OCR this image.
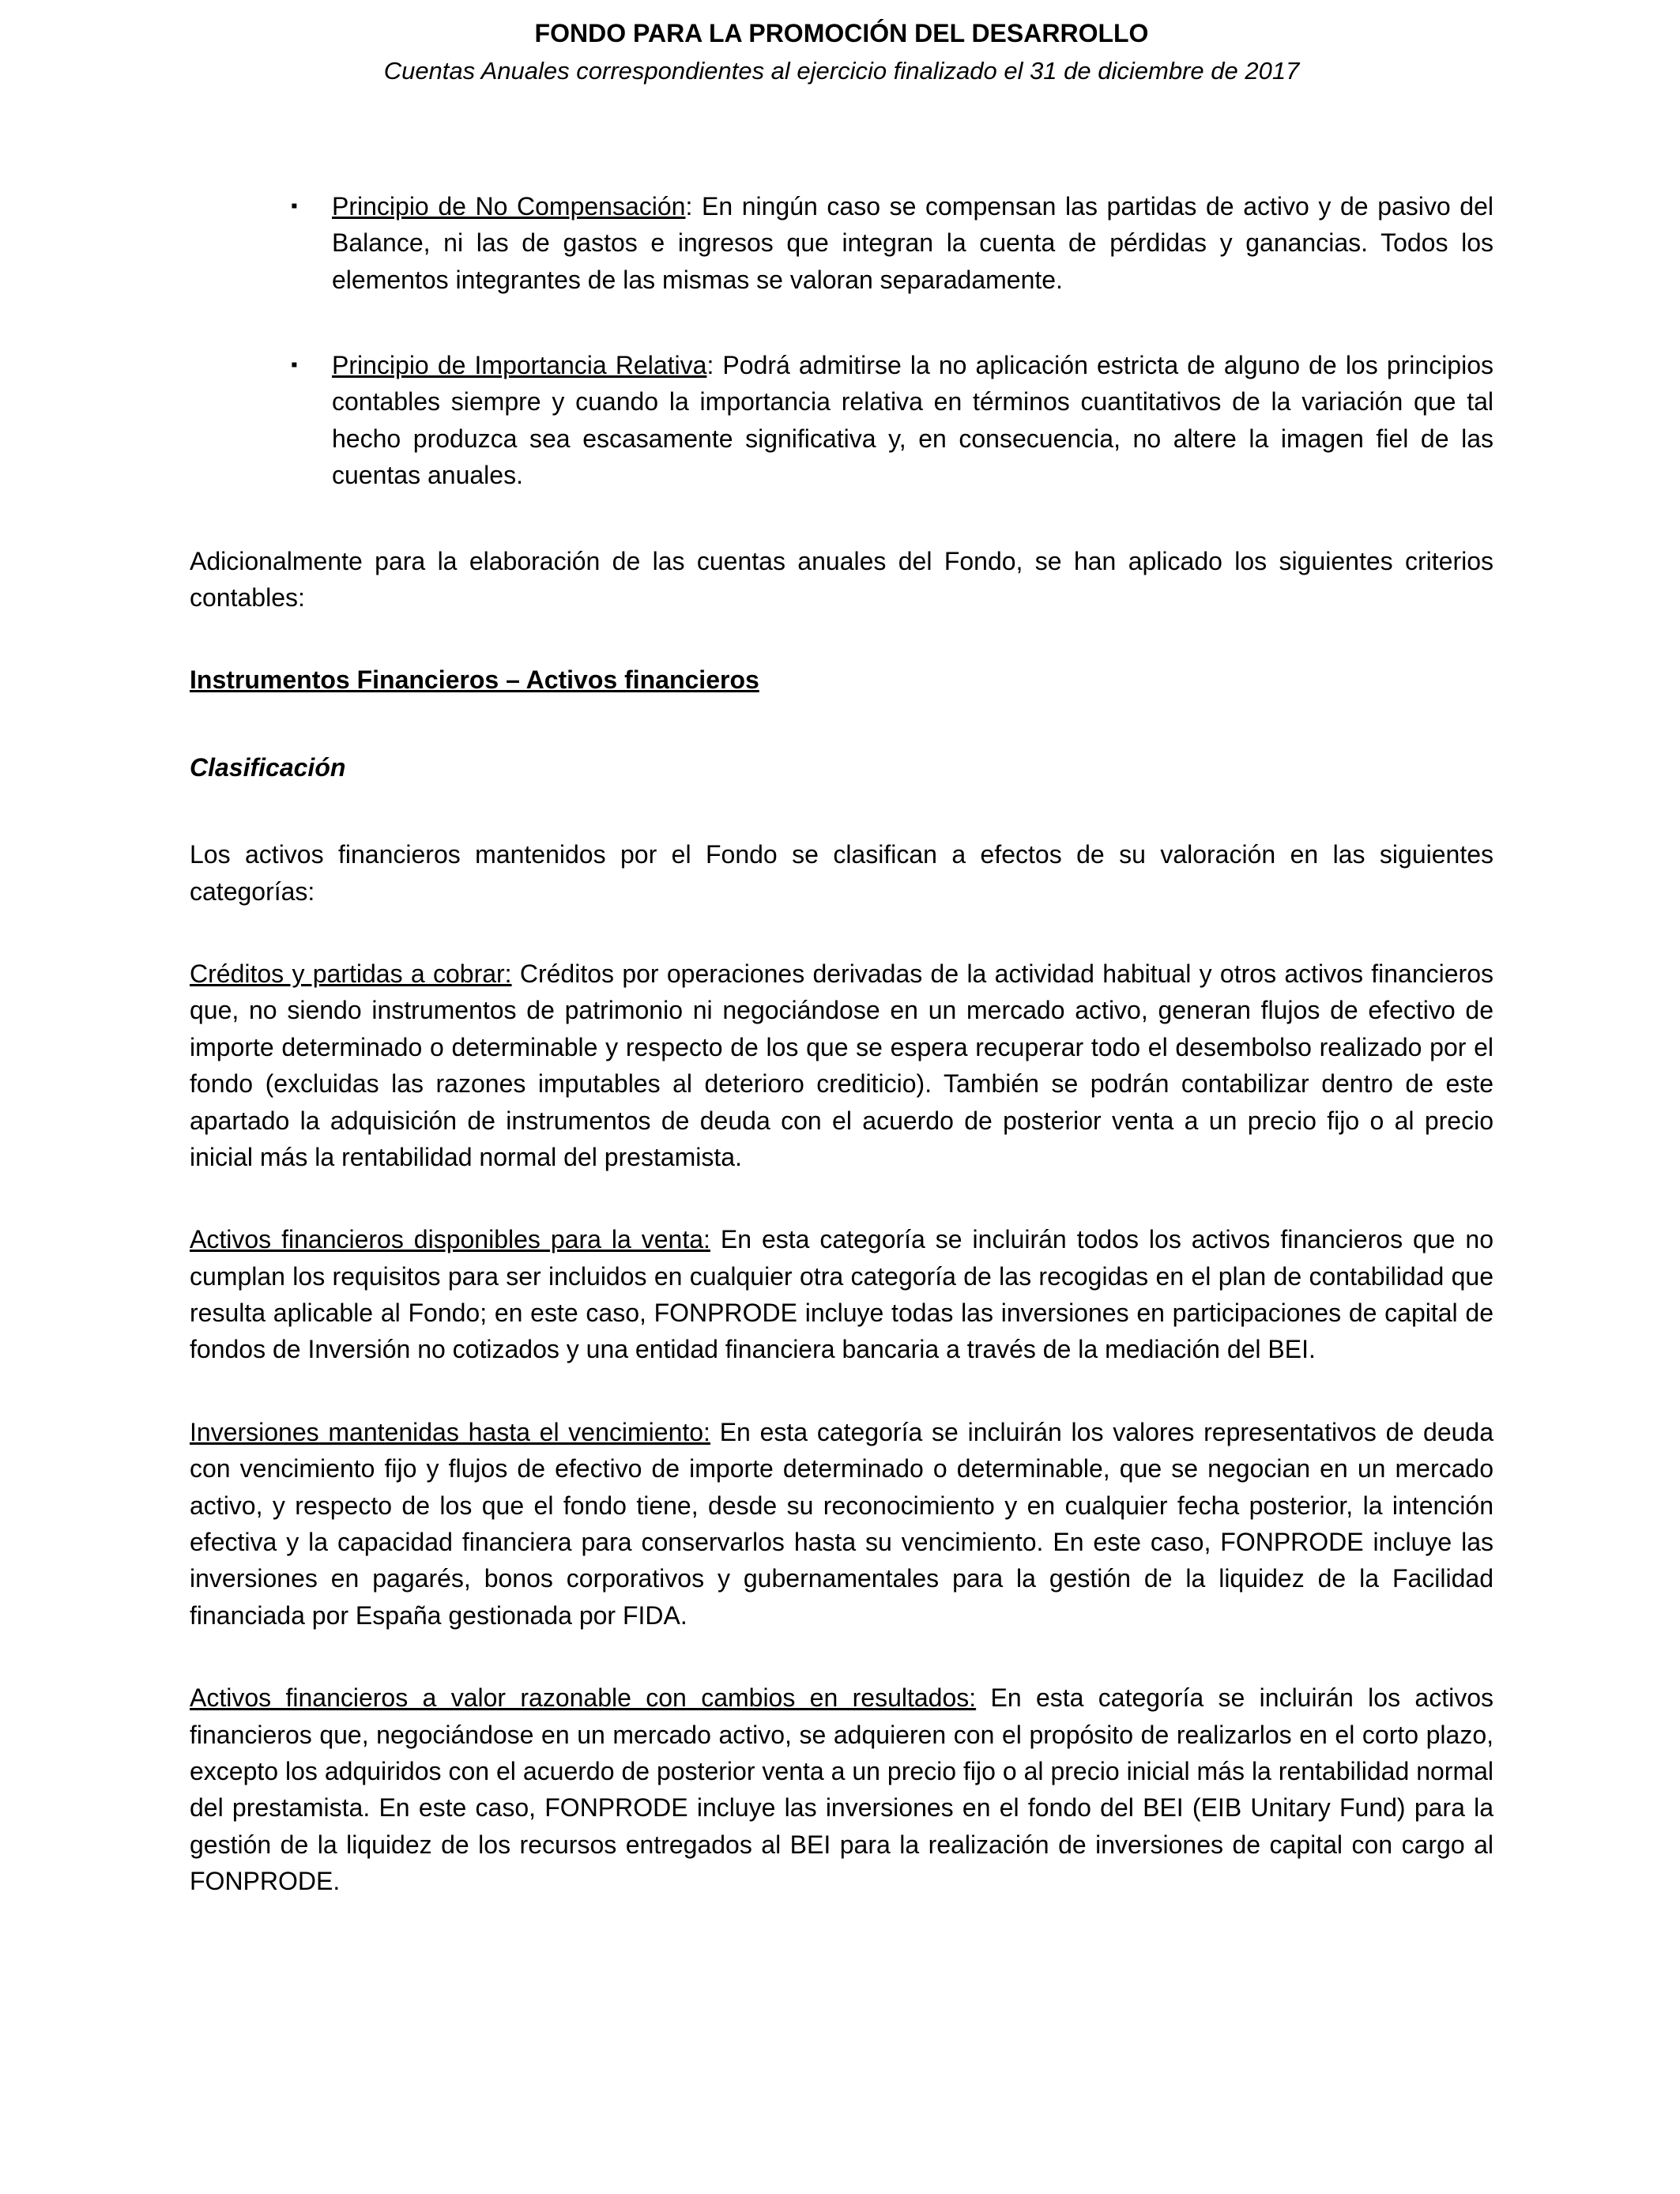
FONDO PARA LA PROMOCIÓN DEL DESARROLLO
Cuentas Anuales correspondientes al ejercicio finalizado el 31 de diciembre de 2017
▪	Principio de No Compensación: En ningún caso se compensan las partidas de activo y de pasivo del Balance, ni las de gastos e ingresos que integran la cuenta de pérdidas y ganancias. Todos los elementos integrantes de las mismas se valoran separadamente.

▪	Principio de Importancia Relativa: Podrá admitirse la no aplicación estricta de alguno de los principios contables siempre y cuando la importancia relativa en términos cuantitativos de la variación que tal hecho produzca sea escasamente significativa y, en consecuencia, no altere la imagen fiel de las cuentas anuales.

Adicionalmente para la elaboración de las cuentas anuales del Fondo, se han aplicado los siguientes criterios contables:

Instrumentos Financieros – Activos financieros
Clasificación

Los activos financieros mantenidos por el Fondo se clasifican a efectos de su valoración en las siguientes categorías:

Créditos y partidas a cobrar: Créditos por operaciones derivadas de la actividad habitual y otros activos financieros que, no siendo instrumentos de patrimonio ni negociándose en un mercado activo, generan flujos de efectivo de importe determinado o determinable y respecto de los que se espera recuperar todo el desembolso realizado por el fondo (excluidas las razones imputables al deterioro crediticio). También se podrán contabilizar dentro de este apartado la adquisición de instrumentos de deuda con el acuerdo de posterior venta a un precio fijo o al precio inicial más la rentabilidad normal del prestamista.

Activos financieros disponibles para la venta: En esta categoría se incluirán todos los activos financieros que no cumplan los requisitos para ser incluidos en cualquier otra categoría de las recogidas en el plan de contabilidad que resulta aplicable al Fondo; en este caso, FONPRODE incluye todas las inversiones en participaciones de capital de fondos de Inversión no cotizados y una entidad financiera bancaria a través de la mediación del BEI.

Inversiones mantenidas hasta el vencimiento: En esta categoría se incluirán los valores representativos de deuda con vencimiento fijo y flujos de efectivo de importe determinado o determinable, que se negocian en un mercado activo, y respecto de los que el fondo tiene, desde su reconocimiento y en cualquier fecha posterior, la intención efectiva y la capacidad financiera para conservarlos hasta su vencimiento. En este caso, FONPRODE incluye las inversiones en pagarés, bonos corporativos y gubernamentales para la gestión de la liquidez de la Facilidad financiada por España gestionada por FIDA.

Activos financieros a valor razonable con cambios en resultados: En esta categoría se incluirán los activos financieros que, negociándose en un mercado activo, se adquieren con el propósito de realizarlos en el corto plazo, excepto los adquiridos con el acuerdo de posterior venta a un precio fijo o al precio inicial más la rentabilidad normal del prestamista. En este caso, FONPRODE incluye las inversiones en el fondo del BEI (EIB Unitary Fund) para la gestión de la liquidez de los recursos entregados al BEI para la realización de inversiones de capital con cargo al FONPRODE.
